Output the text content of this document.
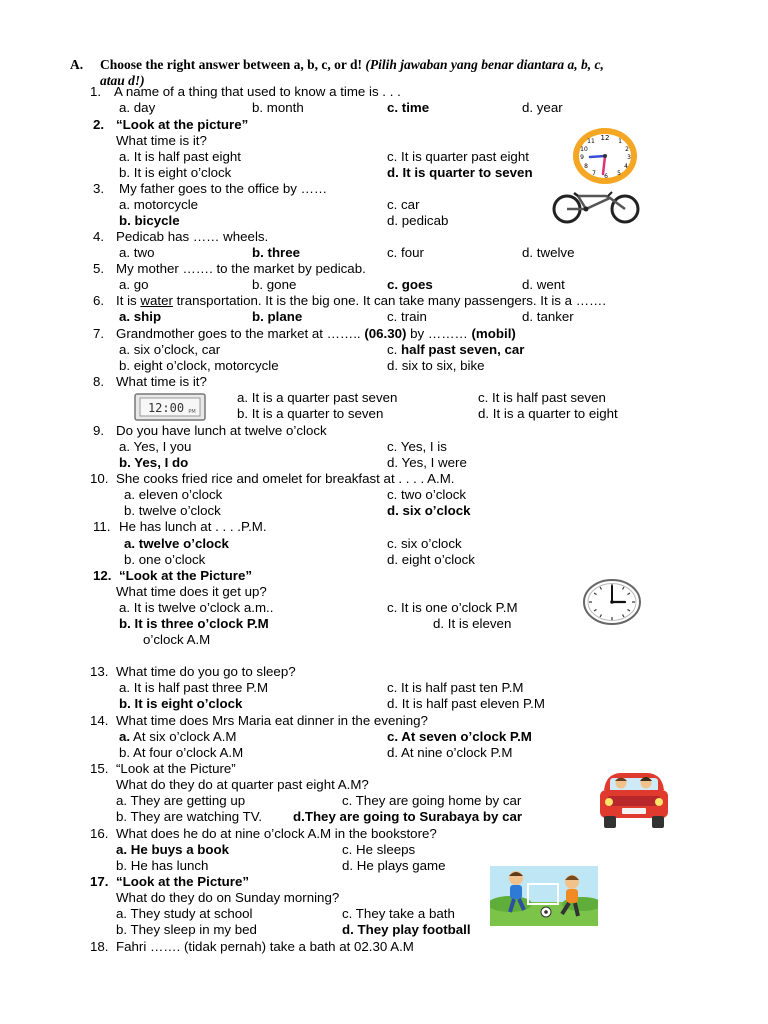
A. Choose the right answer between a, b, c, or d! (Pilih jawaban yang benar diantara a, b, c,
atau d!)
1. A name of a thing that used to know a time is . . .
a. day	b. month	c. time	d. year
2. “Look at the picture”
What time is it?
a. It is half past eight
b. It is eight o’clock
c. It is quarter past eight
d. It is quarter to seven
12 1
2
3
4
5
6
7
8
9
10
11
3. My father goes to the office by ……
a. motorcycle
b. bicycle
c. car
d. pedicab
4. Pedicab has …… wheels.
a. two	b. three	c. four	d. twelve
5. My mother ……. to the market by pedicab.
a. go	b. gone	c. goes	d. went
6. It is water transportation. It is the big one. It can take many passengers. It is a …….
a. ship	b. plane	c. train	d. tanker
7. Grandmother goes to the market at …….. (06.30) by ……… (mobil)
a. six o’clock, car
b. eight o’clock, motorcycle
c. half past seven, car
d. six to six, bike
8. What time is it?
12:00 PM
a. It is a quarter past seven
b. It is a quarter to seven
c. It is half past seven
d. It is a quarter to eight
9. Do you have lunch at twelve o’clock
a. Yes, I you
b. Yes, I do
c. Yes, I is
d. Yes, I were
10. She cooks fried rice and omelet for breakfast at . . . . A.M.
a. eleven o’clock
b. twelve o’clock
c. two o’clock
d. six o’clock
11. He has lunch at . . . .P.M.
a. twelve o’clock
b. one o’clock
c. six o’clock
d. eight o’clock
12. “Look at the Picture”
What time does it get up?
a. It is twelve o’clock a.m..
b. It is three o’clock P.M
c. It is one o’clock P.M
d. It is eleven
o’clock A.M
13. What time do you go to sleep?
a. It is half past three P.M
b. It is eight o’clock
c. It is half past ten P.M
d. It is half past eleven P.M
14. What time does Mrs Maria eat dinner in the evening?
a. At six o’clock A.M
b. At four o’clock A.M
c. At seven o’clock P.M
d. At nine o’clock P.M
15. “Look at the Picture”
What do they do at quarter past eight A.M?
a. They are getting up
b. They are watching TV.
c. They are going home by car
d.They are going to Surabaya by car
16. What does he do at nine o’clock A.M in the bookstore?
a. He buys a book
b. He has lunch
c. He sleeps
d. He plays game
17. “Look at the Picture”
What do they do on Sunday morning?
a. They study at school
b. They sleep in my bed
c. They take a bath
d. They play football
18. Fahri ……. (tidak pernah) take a bath at 02.30 A.M
